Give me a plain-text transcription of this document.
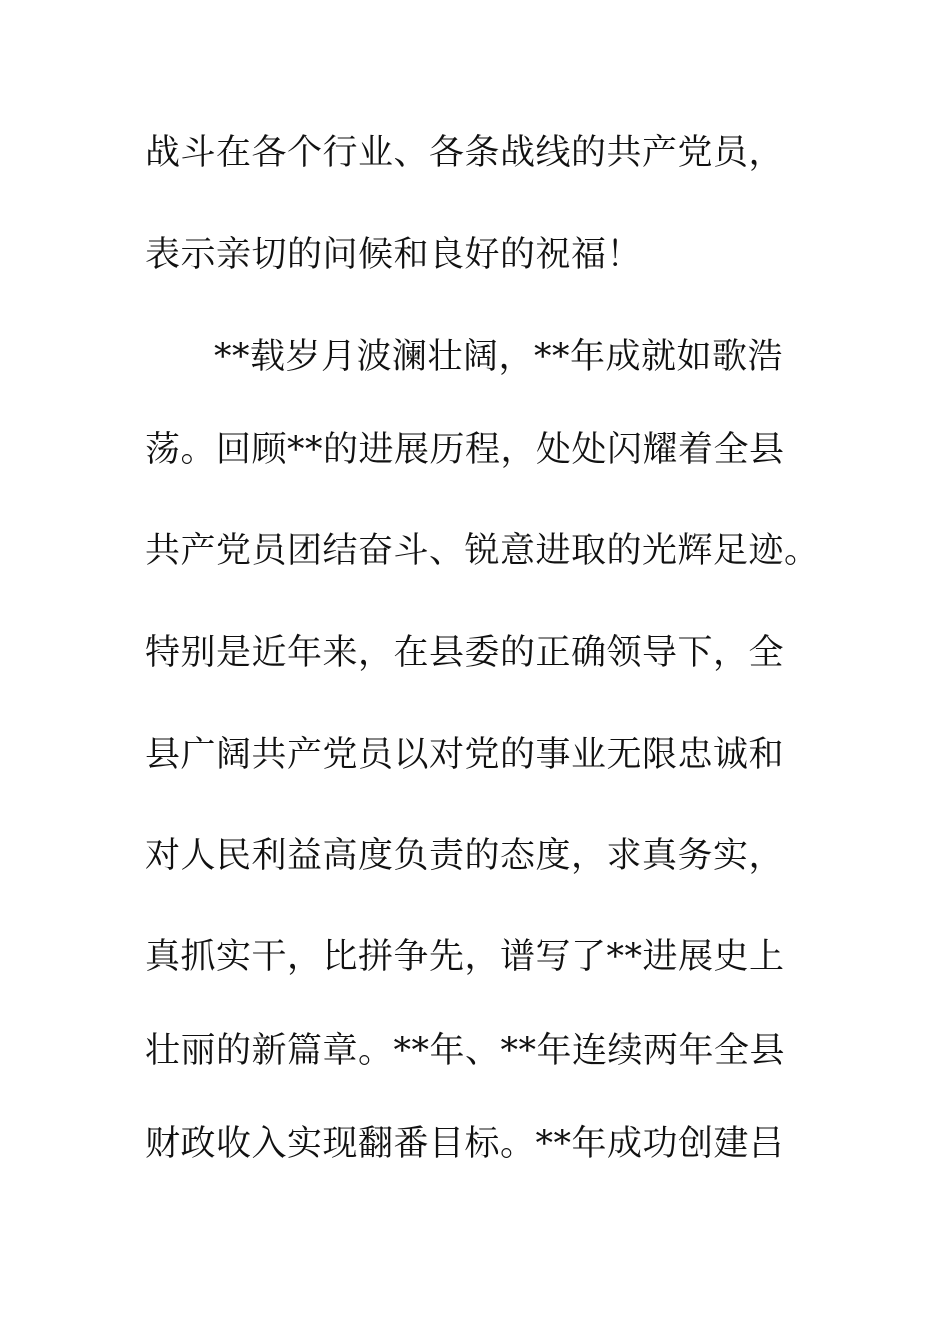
战斗在各个行业、各条战线的共产党员，
表示亲切的问候和良好的祝福！
**载岁月波澜壮阔，**年成就如歌浩
荡。回顾**的进展历程，处处闪耀着全县
共产党员团结奋斗、锐意进取的光辉足迹。
特别是近年来，在县委的正确领导下，全
县广阔共产党员以对党的事业无限忠诚和
对人民利益高度负责的态度，求真务实，
真抓实干，比拼争先，谱写了**进展史上
壮丽的新篇章。**年、**年连续两年全县
财政收入实现翻番目标。**年成功创建吕
